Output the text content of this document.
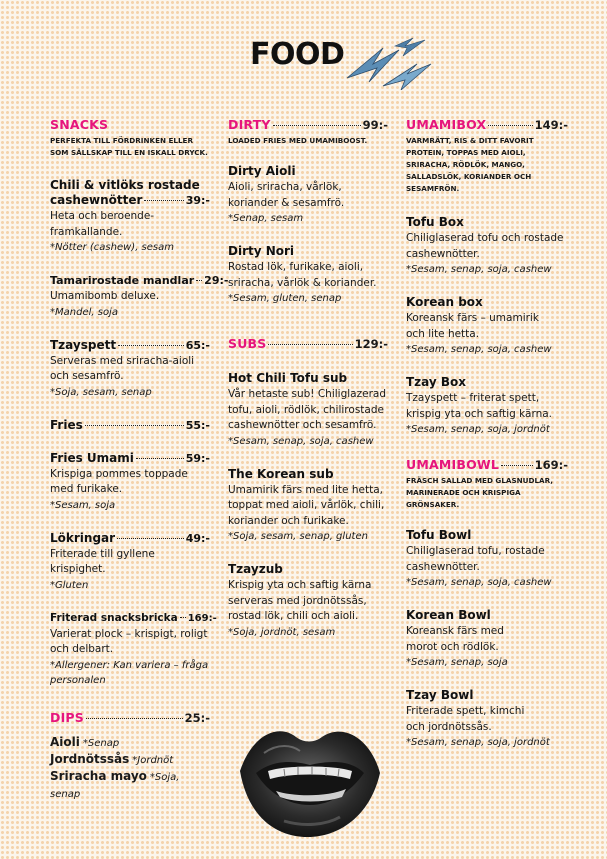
FOOD
SNACKS
PERFEKTA TILL FÖRDRINKEN ELLER SOM SÄLLSKAP TILL EN ISKALL DRYCK.
Chili & vitlöks rostade
cashewnötter	39:-
Heta och beroende-framkallande.
*Nötter (cashew), sesam
Tamarirostade mandlar 29:-
Umamibomb deluxe.
*Mandel, soja
Tzayspett	65:-
Serveras med sriracha-aioli och sesamfrö.
*Soja, sesam, senap
Fries	55:-
Fries Umami	59:-
Krispiga pommes toppade med furikake.
*Sesam, soja
Lökringar	49:-
Friterade till gyllene krispighet.
*Gluten
Friterad snacksbricka 169:-
Varierat plock – krispigt, roligt och delbart.
*Allergener: Kan variera – fråga personalen
DIPS	25:-
Aioli *Senap
Jordnötssås *Jordnöt
Sriracha mayo *Soja, senap
DIRTY	99:-
LOADED FRIES MED UMAMIBOOST.
Dirty Aioli
Aioli, sriracha, vårlök, koriander & sesamfrö.
*Senap, sesam
Dirty Nori
Rostad lök, furikake, aioli, sriracha, vårlök & koriander.
*Sesam, gluten, senap
SUBS	129:-
Hot Chili Tofu sub
Vår hetaste sub! Chiliglazerad tofu, aioli, rödlök, chilirostade cashewnötter och sesamfrö.
*Sesam, senap, soja, cashew
The Korean sub
Umamirik färs med lite hetta, toppat med aioli, vårlök, chili, koriander och furikake.
*Soja, sesam, senap, gluten
Tzayzub
Krispig yta och saftig kärna serveras med jordnötssås, rostad lök, chili och aioli.
*Soja, jordnöt, sesam
UMAMIBOX	149:-
VARMRÄTT, RIS & DITT FAVORIT PROTEIN, TOPPAS MED AIOLI, SRIRACHA, RÖDLÖK, MANGO, SALLADSLÖK, KORIANDER OCH SESAMFRÖN.
Tofu Box
Chiliglaserad tofu och rostade cashewnötter.
*Sesam, senap, soja, cashew
Korean box
Koreansk färs – umamirik och lite hetta.
*Sesam, senap, soja, cashew
Tzay Box
Tzayspett – friterat spett, krispig yta och saftig kärna.
*Sesam, senap, soja, jordnöt
UMAMIBOWL	169:-
FRÄSCH SALLAD MED GLASNUDLAR, MARINERADE OCH KRISPIGA GRÖNSAKER.
Tofu Bowl
Chiliglaserad tofu, rostade cashewnötter.
*Sesam, senap, soja, cashew
Korean Bowl
Koreansk färs med morot och rödlök.
*Sesam, senap, soja
Tzay Bowl
Friterade spett, kimchi och jordnötssås.
*Sesam, senap, soja, jordnöt
